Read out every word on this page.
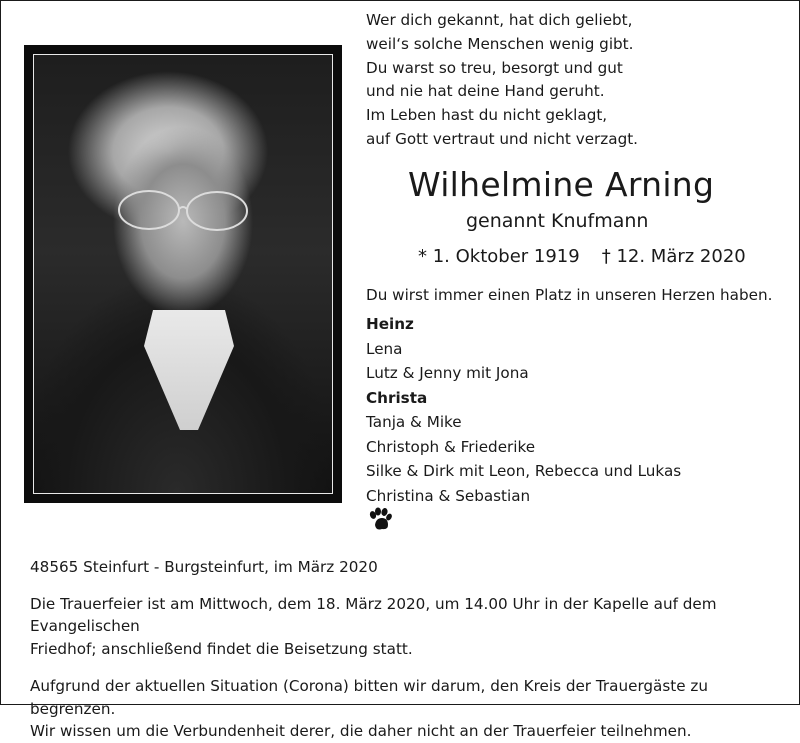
Wer dich gekannt, hat dich geliebt,
weil‘s solche Menschen wenig gibt.
Du warst so treu, besorgt und gut
und nie hat deine Hand geruht.
Im Leben hast du nicht geklagt,
auf Gott vertraut und nicht verzagt.
Wilhelmine Arning
genannt Knufmann
* 1. Oktober 1919 † 12. März 2020
Du wirst immer einen Platz in unseren Herzen haben.
Heinz
Lena
Lutz & Jenny mit Jona
Christa
Tanja & Mike
Christoph & Friederike
Silke & Dirk mit Leon, Rebecca und Lukas
Christina & Sebastian

48565 Steinfurt - Burgsteinfurt, im März 2020

Die Trauerfeier ist am Mittwoch, dem 18. März 2020, um 14.00 Uhr in der Kapelle auf dem Evangelischen
Friedhof; anschließend findet die Beisetzung statt.

Aufgrund der aktuellen Situation (Corona) bitten wir darum, den Kreis der Trauergäste zu begrenzen.
Wir wissen um die Verbundenheit derer, die daher nicht an der Trauerfeier teilnehmen.
